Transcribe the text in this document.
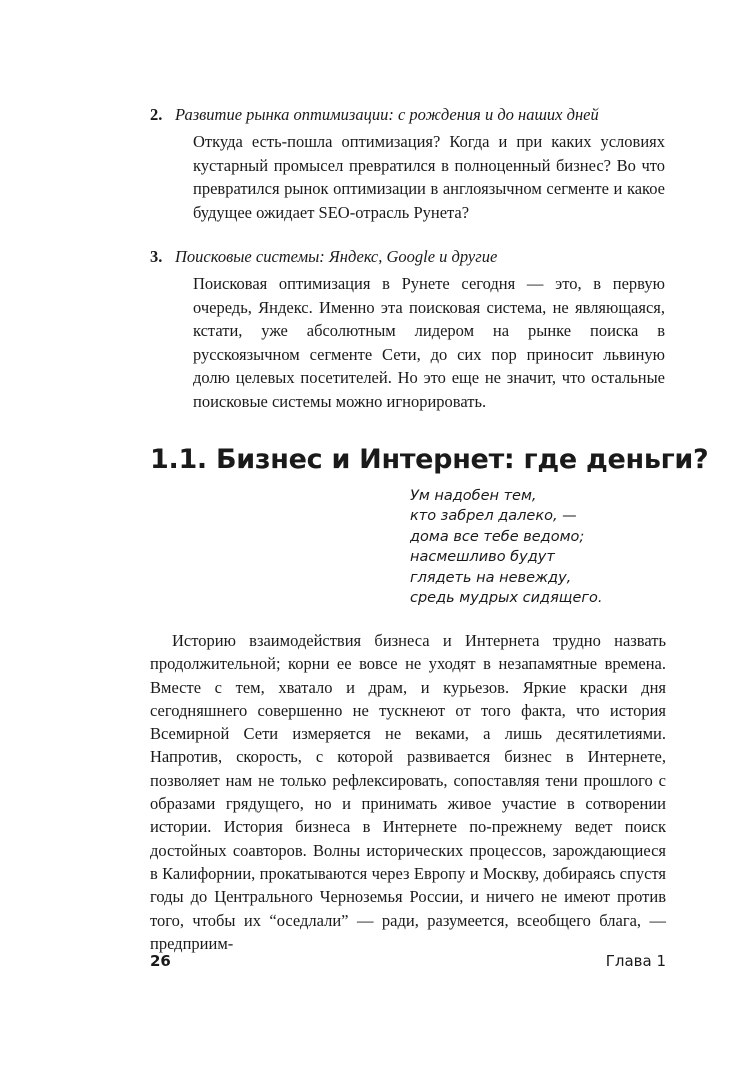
2. Развитие рынка оптимизации: с рождения и до наших дней

Откуда есть-пошла оптимизация? Когда и при каких условиях кустарный промысел превратился в полноценный бизнес? Во что превратился рынок оптимизации в англоязычном сегменте и какое будущее ожидает SEO-отрасль Рунета?

3. Поисковые системы: Яндекс, Google и другие

Поисковая оптимизация в Рунете сегодня — это, в первую очередь, Яндекс. Именно эта поисковая система, не являющаяся, кстати, уже абсолютным лидером на рынке поиска в русскоязычном сегменте Сети, до сих пор приносит львиную долю целевых посетителей. Но это еще не значит, что остальные поисковые системы можно игнорировать.

1.1. Бизнес и Интернет: где деньги?
Ум надобен тем,
кто забрел далеко, —
дома все тебе ведомо;
насмешливо будут
глядеть на невежду,
средь мудрых сидящего.

Историю взаимодействия бизнеса и Интернета трудно назвать продолжительной; корни ее вовсе не уходят в незапамятные времена. Вместе с тем, хватало и драм, и курьезов. Яркие краски дня сегодняшнего совершенно не тускнеют от того факта, что история Всемирной Сети измеряется не веками, а лишь десятилетиями. Напротив, скорость, с которой развивается бизнес в Интернете, позволяет нам не только рефлексировать, сопоставляя тени прошлого с образами грядущего, но и принимать живое участие в сотворении истории. История бизнеса в Интернете по-прежнему ведет поиск достойных соавторов. Волны исторических процессов, зарождающиеся в Калифорнии, прокатываются через Европу и Москву, добираясь спустя годы до Центрального Черноземья России, и ничего не имеют против того, чтобы их “оседлали” — ради, разумеется, всеобщего блага, — предприим-

26	Глава 1
